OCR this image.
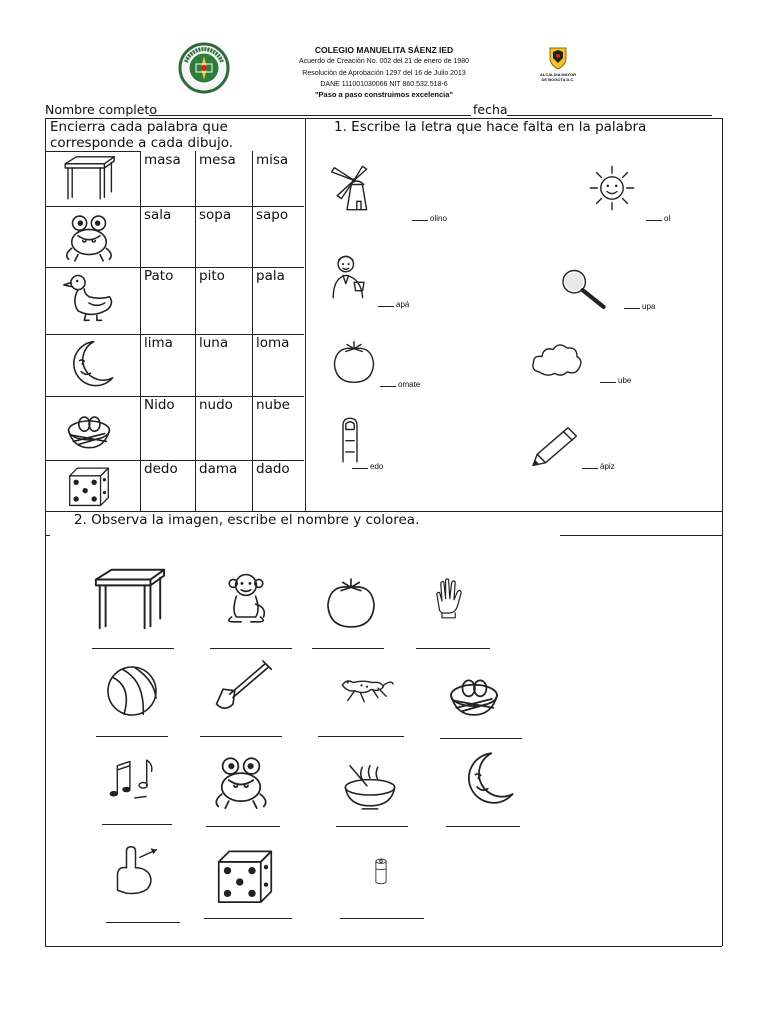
COLEGIO MANUELITA SÁENZ IED
Acuerdo de Creación No. 002 del 21 de enero de 1980
Resolución de Aprobación 1297 del 16 de Julio 2013
DANE 111001030066 NIT 860.532.518-6
"Paso a paso construimos excelencia"
ALCALDIA MAYOR DE BOGOTA D.C.
Nombre completo	fecha
Encierra cada palabra que
corresponde a cada dibujo.
masa mesa misa
sala sopa sapo
Pato pito pala
lima luna loma
Nido nudo nube
dedo dama dado
1. Escribe la letra que hace falta en la palabra
olino	ol
apá	upa
omate	ube
edo	ápiz
2. Observa la imagen, escribe el nombre y colorea.
